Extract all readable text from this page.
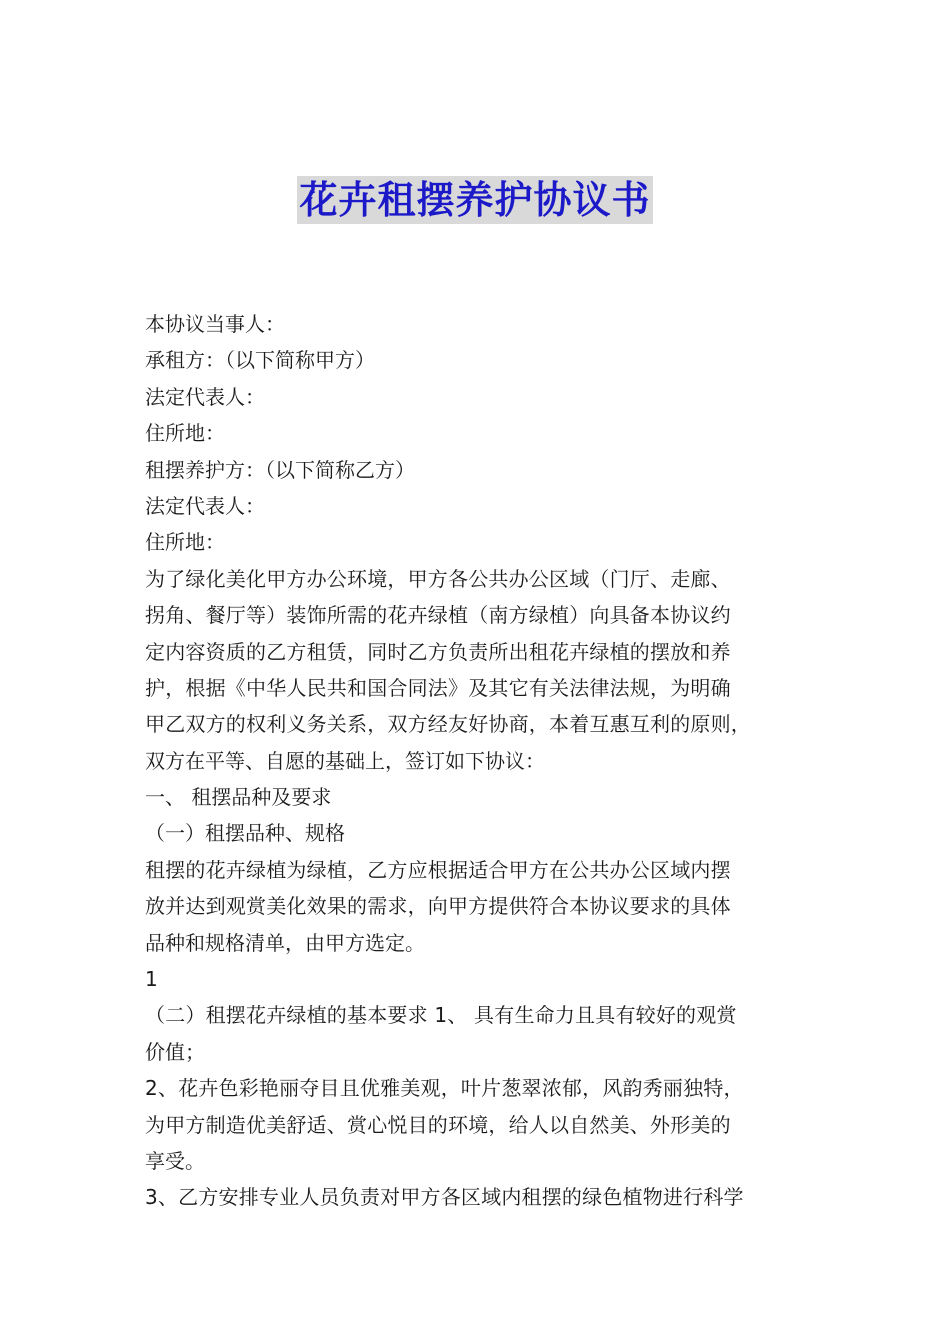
花卉租摆养护协议书
本协议当事人：
承租方：（以下简称甲方）
法定代表人：
住所地：
租摆养护方：（以下简称乙方）
法定代表人：
住所地：
为了绿化美化甲方办公环境，甲方各公共办公区域（门厅、走廊、
拐角、餐厅等）装饰所需的花卉绿植（南方绿植）向具备本协议约
定内容资质的乙方租赁，同时乙方负责所出租花卉绿植的摆放和养
护，根据《中华人民共和国合同法》及其它有关法律法规，为明确
甲乙双方的权利义务关系，双方经友好协商，本着互惠互利的原则，
双方在平等、自愿的基础上，签订如下协议：
一、 租摆品种及要求
（一）租摆品种、规格
租摆的花卉绿植为绿植，乙方应根据适合甲方在公共办公区域内摆
放并达到观赏美化效果的需求，向甲方提供符合本协议要求的具体
品种和规格清单，由甲方选定。
1
（二）租摆花卉绿植的基本要求 1、 具有生命力且具有较好的观赏
价值；
2、花卉色彩艳丽夺目且优雅美观，叶片葱翠浓郁，风韵秀丽独特，
为甲方制造优美舒适、赏心悦目的环境，给人以自然美、外形美的
享受。
3、乙方安排专业人员负责对甲方各区域内租摆的绿色植物进行科学
